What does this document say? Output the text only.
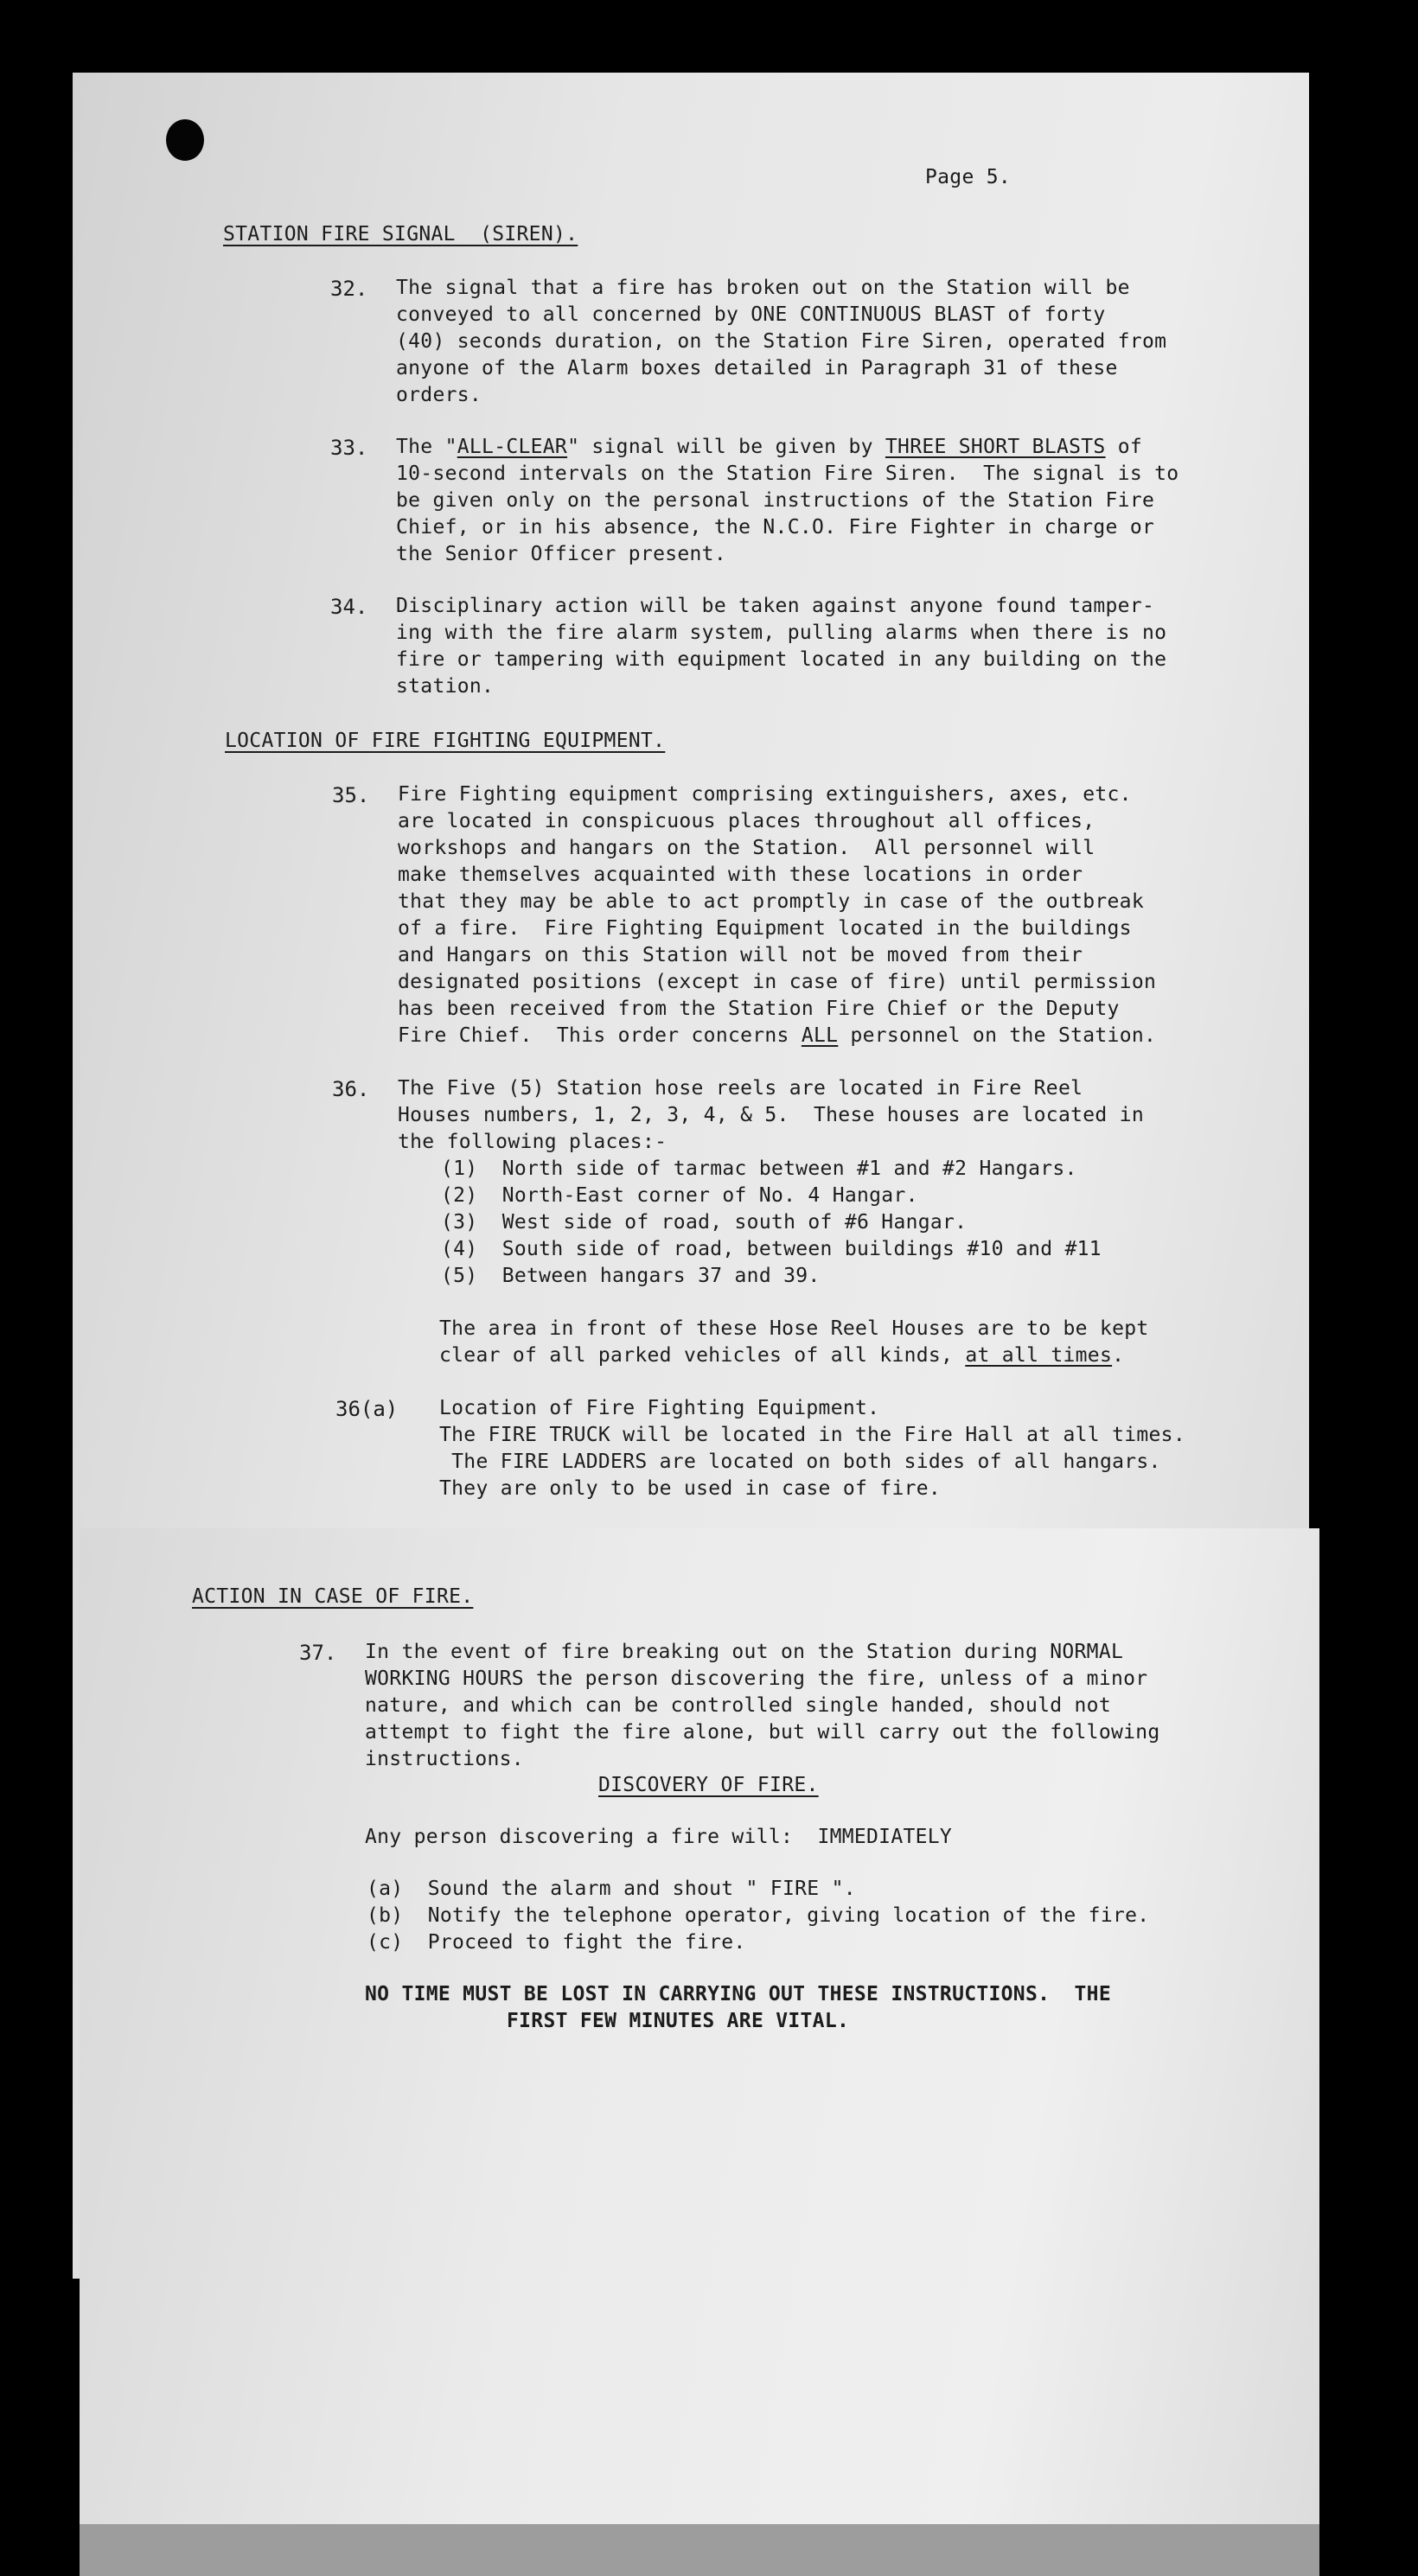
Page 5.
STATION FIRE SIGNAL  (SIREN).
32. The signal that a fire has broken out on the Station will be
conveyed to all concerned by ONE CONTINUOUS BLAST of forty
(40) seconds duration, on the Station Fire Siren, operated from
anyone of the Alarm boxes detailed in Paragraph 31 of these
orders.
33. The "ALL-CLEAR" signal will be given by THREE SHORT BLASTS of
10-second intervals on the Station Fire Siren.  The signal is to
be given only on the personal instructions of the Station Fire
Chief, or in his absence, the N.C.O. Fire Fighter in charge or
the Senior Officer present.
34. Disciplinary action will be taken against anyone found tamper-
ing with the fire alarm system, pulling alarms when there is no
fire or tampering with equipment located in any building on the
station.
LOCATION OF FIRE FIGHTING EQUIPMENT.
35. Fire Fighting equipment comprising extinguishers, axes, etc.
are located in conspicuous places throughout all offices,
workshops and hangars on the Station.  All personnel will
make themselves acquainted with these locations in order
that they may be able to act promptly in case of the outbreak
of a fire.  Fire Fighting Equipment located in the buildings
and Hangars on this Station will not be moved from their
designated positions (except in case of fire) until permission
has been received from the Station Fire Chief or the Deputy
Fire Chief.  This order concerns ALL personnel on the Station.
36. The Five (5) Station hose reels are located in Fire Reel
Houses numbers, 1, 2, 3, 4, & 5.  These houses are located in
the following places:-
(1)  North side of tarmac between #1 and #2 Hangars.
(2)  North-East corner of No. 4 Hangar.
(3)  West side of road, south of #6 Hangar.
(4)  South side of road, between buildings #10 and #11
(5)  Between hangars 37 and 39.
The area in front of these Hose Reel Houses are to be kept
clear of all parked vehicles of all kinds, at all times.
36(a) Location of Fire Fighting Equipment.
The FIRE TRUCK will be located in the Fire Hall at all times.
The FIRE LADDERS are located on both sides of all hangars.
They are only to be used in case of fire.
ACTION IN CASE OF FIRE.
37. In the event of fire breaking out on the Station during NORMAL
WORKING HOURS the person discovering the fire, unless of a minor
nature, and which can be controlled single handed, should not
attempt to fight the fire alone, but will carry out the following
instructions.
DISCOVERY OF FIRE.
Any person discovering a fire will:  IMMEDIATELY
(a)  Sound the alarm and shout " FIRE ".
(b)  Notify the telephone operator, giving location of the fire.
(c)  Proceed to fight the fire.
NO TIME MUST BE LOST IN CARRYING OUT THESE INSTRUCTIONS.  THE
FIRST FEW MINUTES ARE VITAL.
